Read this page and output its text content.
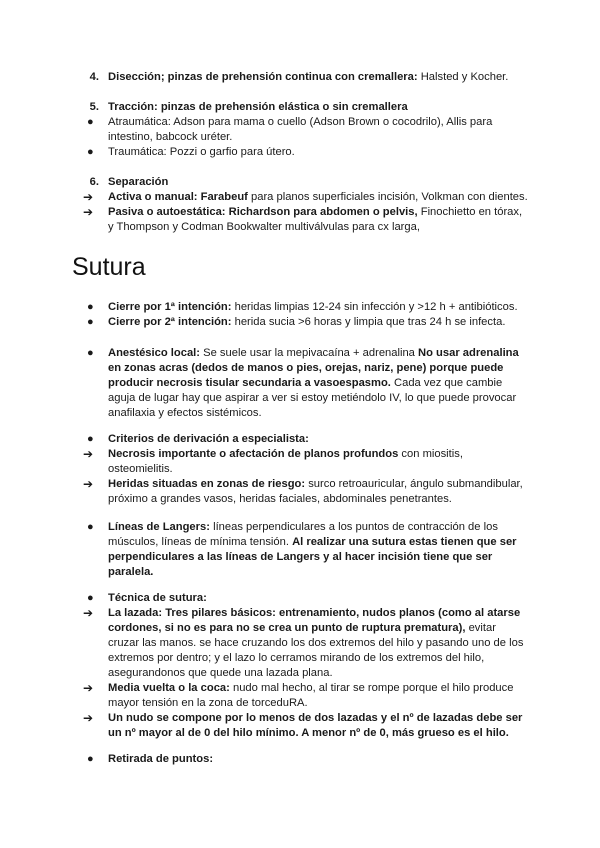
4. Disección; pinzas de prehensión continua con cremallera: Halsted y Kocher.

5. Tracción: pinzas de prehensión elástica o sin cremallera

●	Atraumática: Adson para mama o cuello (Adson Brown o cocodrilo), Allis para intestino, babcock uréter.

●	Traumática: Pozzi o garfio para útero.

6. Separación

➔	Activa o manual: Farabeuf para planos superficiales incisión, Volkman con dientes.

➔	Pasiva o autoestática: Richardson para abdomen o pelvis, Finochietto en tórax, y Thompson y Codman Bookwalter multiválvulas para cx larga,

Sutura

●	Cierre por 1ª intención: heridas limpias 12-24 sin infección y >12 h + antibióticos.

●	Cierre por 2ª intención: herida sucia >6 horas y limpia que tras 24 h se infecta.

●	Anestésico local: Se suele usar la mepivacaína + adrenalina No usar adrenalina en zonas acras (dedos de manos o pies, orejas, nariz, pene) porque puede producir necrosis tisular secundaria a vasoespasmo. Cada vez que cambie aguja de lugar hay que aspirar a ver si estoy metiéndolo IV, lo que puede provocar anafilaxia y efectos sistémicos.

●	Criterios de derivación a especialista:

➔	Necrosis importante o afectación de planos profundos con miositis, osteomielitis.

➔	Heridas situadas en zonas de riesgo: surco retroauricular, ángulo submandibular, próximo a grandes vasos, heridas faciales, abdominales penetrantes.

●	Líneas de Langers: líneas perpendiculares a los puntos de contracción de los músculos, líneas de mínima tensión. Al realizar una sutura estas tienen que ser perpendiculares a las líneas de Langers y al hacer incisión tiene que ser paralela.

●	Técnica de sutura:

➔	La lazada: Tres pilares básicos: entrenamiento, nudos planos (como al atarse cordones, si no es para no se crea un punto de ruptura prematura), evitar cruzar las manos. se hace cruzando los dos extremos del hilo y pasando uno de los extremos por dentro; y el lazo lo cerramos mirando de los extremos del hilo, asegurandonos que quede una lazada plana.

➔	Media vuelta o la coca: nudo mal hecho, al tirar se rompe porque el hilo produce mayor tensión en la zona de torceduRA.

➔	Un nudo se compone por lo menos de dos lazadas y el nº de lazadas debe ser un nº mayor al de 0 del hilo mínimo. A menor nº de 0, más grueso es el hilo.

●	Retirada de puntos:
